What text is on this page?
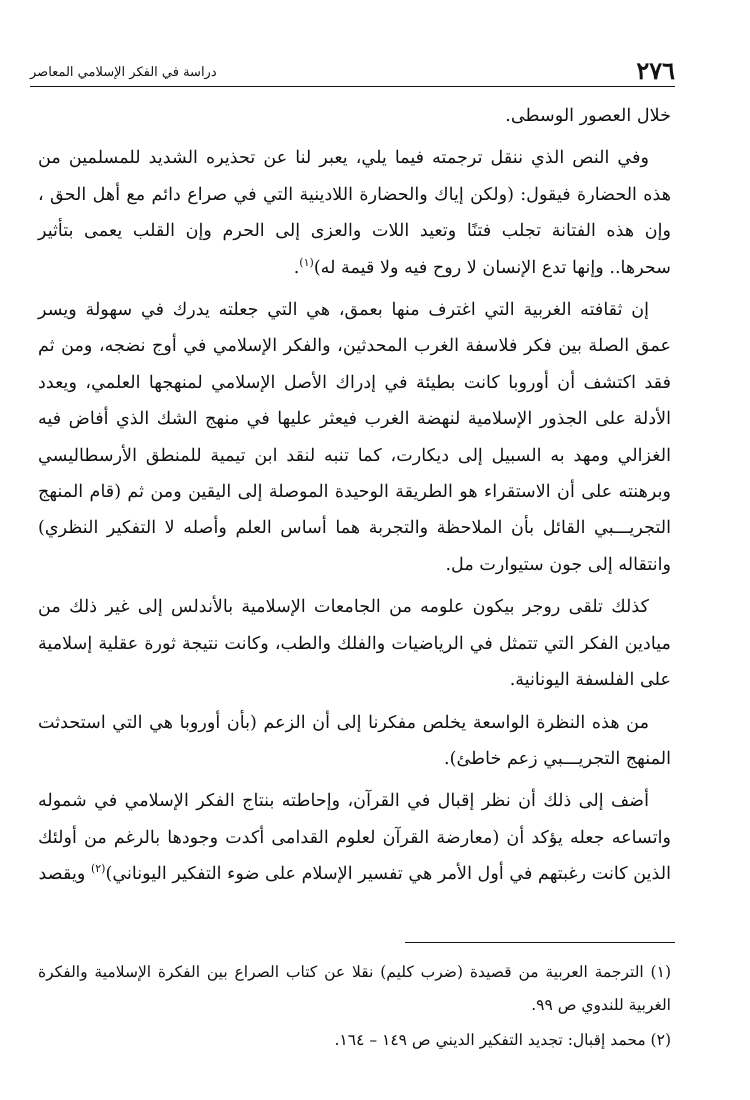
٢٧٦
دراسة في الفكر الإسلامي المعاصر

خلال العصور الوسطى.

وفي النص الذي ننقل ترجمته فيما يلي، يعبر لنا عن تحذيره الشديد للمسلمين من هذه الحضارة فيقول: (ولكن إياك والحضارة اللادينية التي في صراع دائم مع أهل الحق ، وإن هذه الفتانة تجلب فتنًا وتعيد اللات والعزى إلى الحرم وإن القلب يعمى بتأثير سحرها.. وإنها تدع الإنسان لا روح فيه ولا قيمة له)$^{(١)}$.

إن ثقافته الغربية التي اغترف منها بعمق، هي التي جعلته يدرك في سهولة ويسر عمق الصلة بين فكر فلاسفة الغرب المحدثين، والفكر الإسلامي في أوج نضجه، ومن ثم فقد اكتشف أن أوروبا كانت بطيئة في إدراك الأصل الإسلامي لمنهجها العلمي، ويعدد الأدلة على الجذور الإسلامية لنهضة الغرب فيعثر عليها في منهج الشك الذي أفاض فيه الغزالي ومهد به السبيل إلى ديكارت، كما تنبه لنقد ابن تيمية للمنطق الأرسطاليسي وبرهنته على أن الاستقراء هو الطريقة الوحيدة الموصلة إلى اليقين ومن ثم (قام المنهج التجريـــبي القائل بأن الملاحظة والتجربة هما أساس العلم وأصله لا التفكير النظري) وانتقاله إلى جون ستيوارت مل.

كذلك تلقى روجر بيكون علومه من الجامعات الإسلامية بالأندلس إلى غير ذلك من ميادين الفكر التي تتمثل في الرياضيات والفلك والطب، وكانت نتيجة ثورة عقلية إسلامية على الفلسفة اليونانية.

من هذه النظرة الواسعة يخلص مفكرنا إلى أن الزعم (بأن أوروبا هي التي استحدثت المنهج التجريـــبي زعم خاطئ).

أضف إلى ذلك أن نظر إقبال في القرآن، وإحاطته بنتاج الفكر الإسلامي في شموله واتساعه جعله يؤكد أن (معارضة القرآن لعلوم القدامى أكدت وجودها بالرغم من أولئك الذين كانت رغبتهم في أول الأمر هي تفسير الإسلام على ضوء التفكير اليوناني)$^{(٢)}$ ويقصد

(١) الترجمة العربية من قصيدة (ضرب كليم) نقلا عن كتاب الصراع بين الفكرة الإسلامية والفكرة الغربية للندوي ص ٩٩.

(٢) محمد إقبال: تجديد التفكير الديني ص ١٤٩ – ١٦٤.
